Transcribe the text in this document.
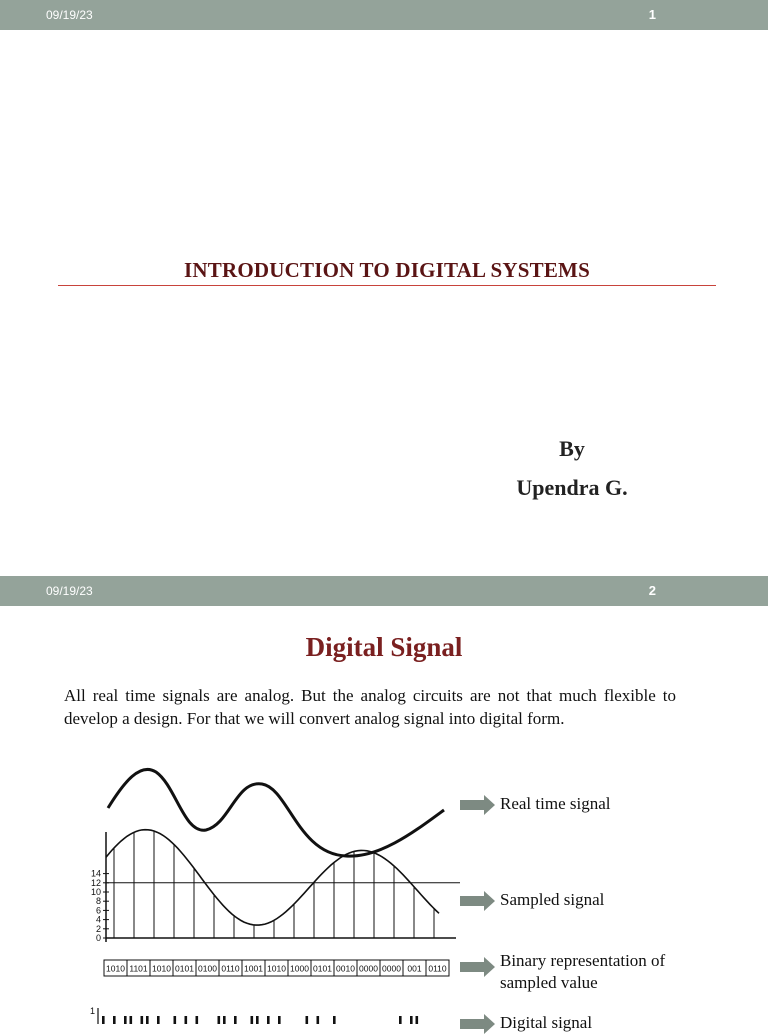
09/19/23	1
INTRODUCTION TO DIGITAL SYSTEMS
By
Upendra G.
09/19/23	2
Digital Signal
All real time signals are analog. But the analog circuits are not that much flexible to develop a design. For that we will convert analog signal into digital form.
14
12
10
8
6
4
2
0
1010 1101 1010 0101 0100 0110 1001 1010 1000 0101 0010 0000 0000 001 0110
1
Real time signal
Sampled signal
Binary representation of sampled value
Digital signal
